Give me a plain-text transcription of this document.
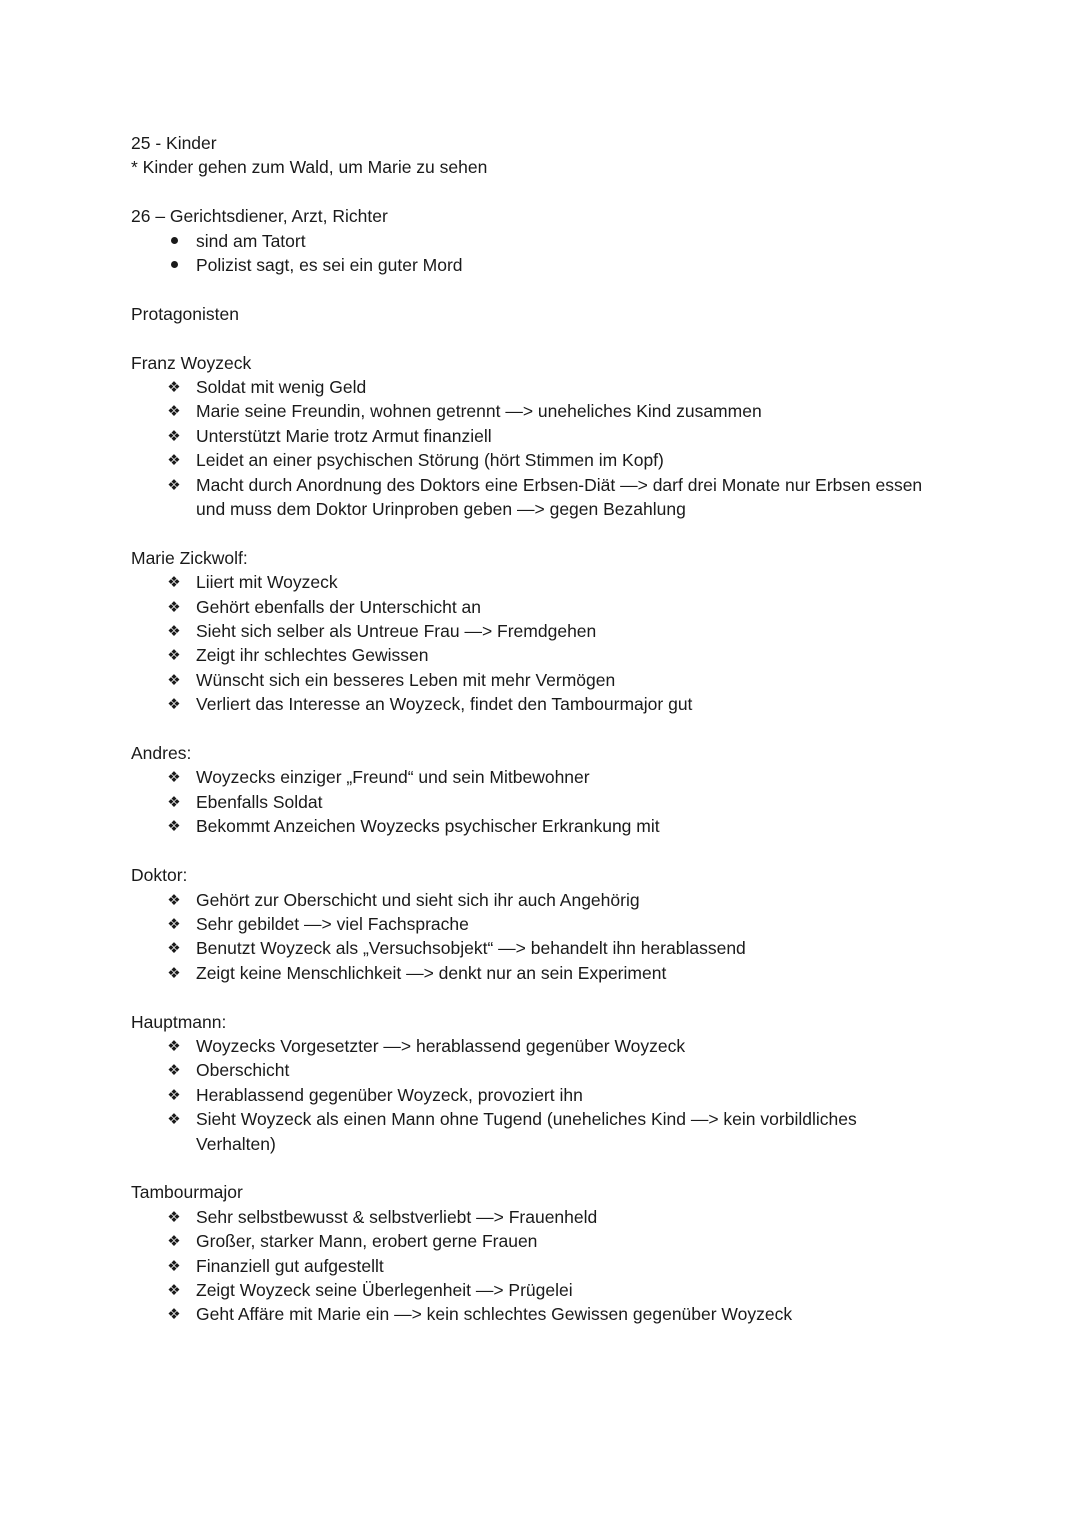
25 - Kinder
* Kinder gehen zum Wald, um Marie zu sehen
26 – Gerichtsdiener, Arzt, Richter
sind am Tatort
Polizist sagt, es sei ein guter Mord
Protagonisten
Franz Woyzeck
❖ Soldat mit wenig Geld
❖ Marie seine Freundin, wohnen getrennt —> uneheliches Kind zusammen
❖ Unterstützt Marie trotz Armut finanziell
❖ Leidet an einer psychischen Störung (hört Stimmen im Kopf)
❖ Macht durch Anordnung des Doktors eine Erbsen-Diät —> darf drei Monate nur Erbsen essen und muss dem Doktor Urinproben geben —> gegen Bezahlung
Marie Zickwolf:
❖ Liiert mit Woyzeck
❖ Gehört ebenfalls der Unterschicht an
❖ Sieht sich selber als Untreue Frau —> Fremdgehen
❖ Zeigt ihr schlechtes Gewissen
❖ Wünscht sich ein besseres Leben mit mehr Vermögen
❖ Verliert das Interesse an Woyzeck, findet den Tambourmajor gut
Andres:
❖ Woyzecks einziger „Freund“ und sein Mitbewohner
❖ Ebenfalls Soldat
❖ Bekommt Anzeichen Woyzecks psychischer Erkrankung mit
Doktor:
❖ Gehört zur Oberschicht und sieht sich ihr auch Angehörig
❖ Sehr gebildet —> viel Fachsprache
❖ Benutzt Woyzeck als „Versuchsobjekt“ —> behandelt ihn herablassend
❖ Zeigt keine Menschlichkeit —> denkt nur an sein Experiment
Hauptmann:
❖ Woyzecks Vorgesetzter —> herablassend gegenüber Woyzeck
❖ Oberschicht
❖ Herablassend gegenüber Woyzeck, provoziert ihn
❖ Sieht Woyzeck als einen Mann ohne Tugend (uneheliches Kind —> kein vorbildliches Verhalten)
Tambourmajor
❖ Sehr selbstbewusst & selbstverliebt —> Frauenheld
❖ Großer, starker Mann, erobert gerne Frauen
❖ Finanziell gut aufgestellt
❖ Zeigt Woyzeck seine Überlegenheit —> Prügelei
❖ Geht Affäre mit Marie ein —> kein schlechtes Gewissen gegenüber Woyzeck
